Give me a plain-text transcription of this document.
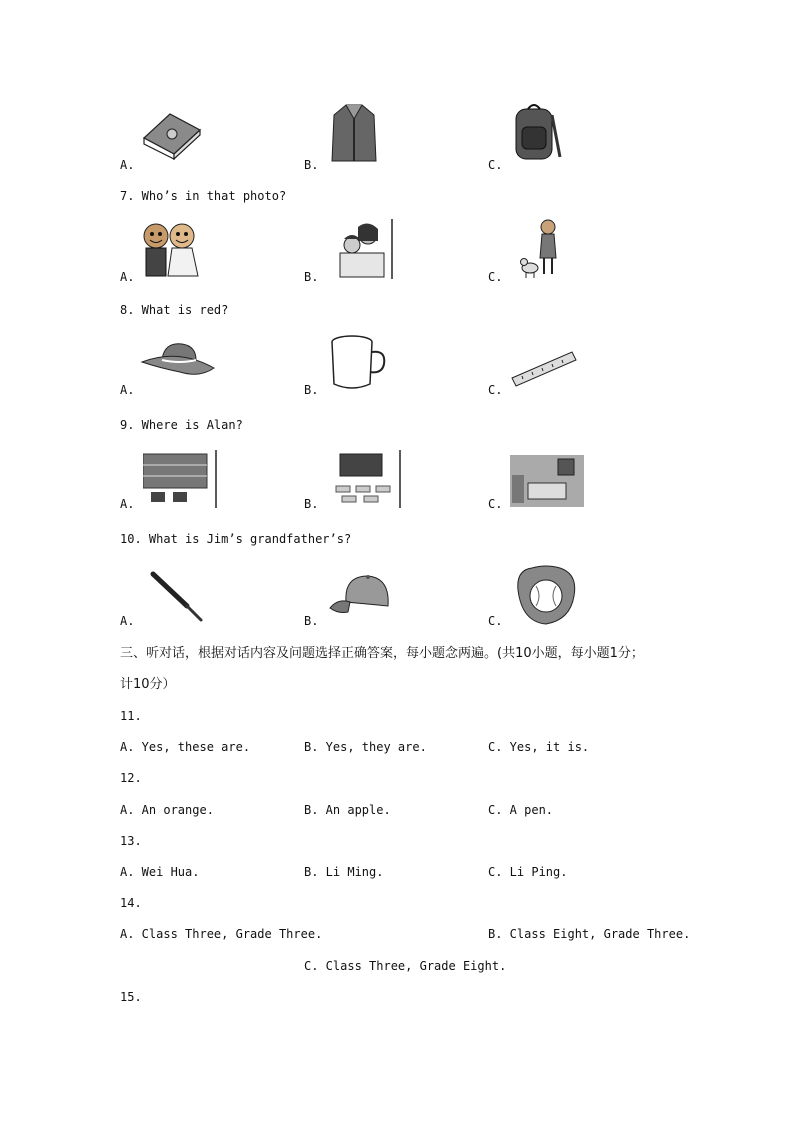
A.	B.	C.
7. Who’s in that photo?
A.	B.	C.
8. What is red?
A.	B.	C.
9. Where is Alan?
A.	B.	C.
10. What is Jim’s grandfather’s?
A.	B.	C.
三、听对话，根据对话内容及问题选择正确答案，每小题念两遍。(共10小题，每小题1分；
计10分）
11.
A. Yes, these are.	B. Yes, they are.	C. Yes, it is.
12.
A. An orange.	B. An apple.	C. A pen.
13.
A. Wei Hua.	B. Li Ming.	C. Li Ping.
14.
A. Class Three, Grade Three.	B. Class Eight, Grade Three.
C. Class Three, Grade Eight.
15.
